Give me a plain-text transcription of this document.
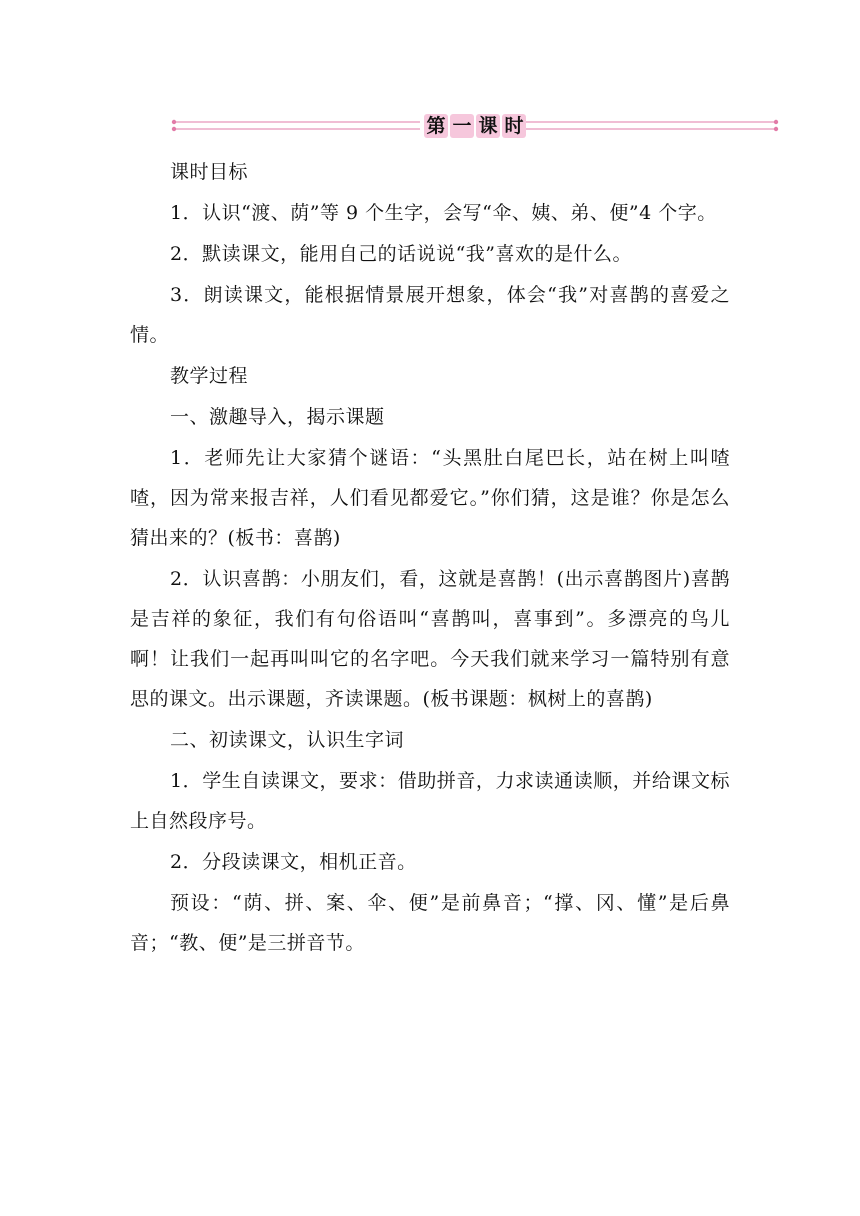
第 一 课 时

课时目标

1．认识“渡、荫”等 9 个生字，会写“伞、姨、弟、便”4 个字。

2．默读课文，能用自己的话说说“我”喜欢的是什么。

3．朗读课文，能根据情景展开想象，体会“我”对喜鹊的喜爱之情。

教学过程

一、激趣导入，揭示课题

1．老师先让大家猜个谜语：“头黑肚白尾巴长，站在树上叫喳喳，因为常来报吉祥，人们看见都爱它。”你们猜，这是谁？你是怎么猜出来的？(板书：喜鹊)

2．认识喜鹊：小朋友们，看，这就是喜鹊！(出示喜鹊图片)喜鹊是吉祥的象征，我们有句俗语叫“喜鹊叫，喜事到”。多漂亮的鸟儿啊！让我们一起再叫叫它的名字吧。今天我们就来学习一篇特别有意思的课文。出示课题，齐读课题。(板书课题：枫树上的喜鹊)

二、初读课文，认识生字词

1．学生自读课文，要求：借助拼音，力求读通读顺，并给课文标上自然段序号。

2．分段读课文，相机正音。

预设：“荫、拼、案、伞、便”是前鼻音；“撑、冈、懂”是后鼻音；“教、便”是三拼音节。
